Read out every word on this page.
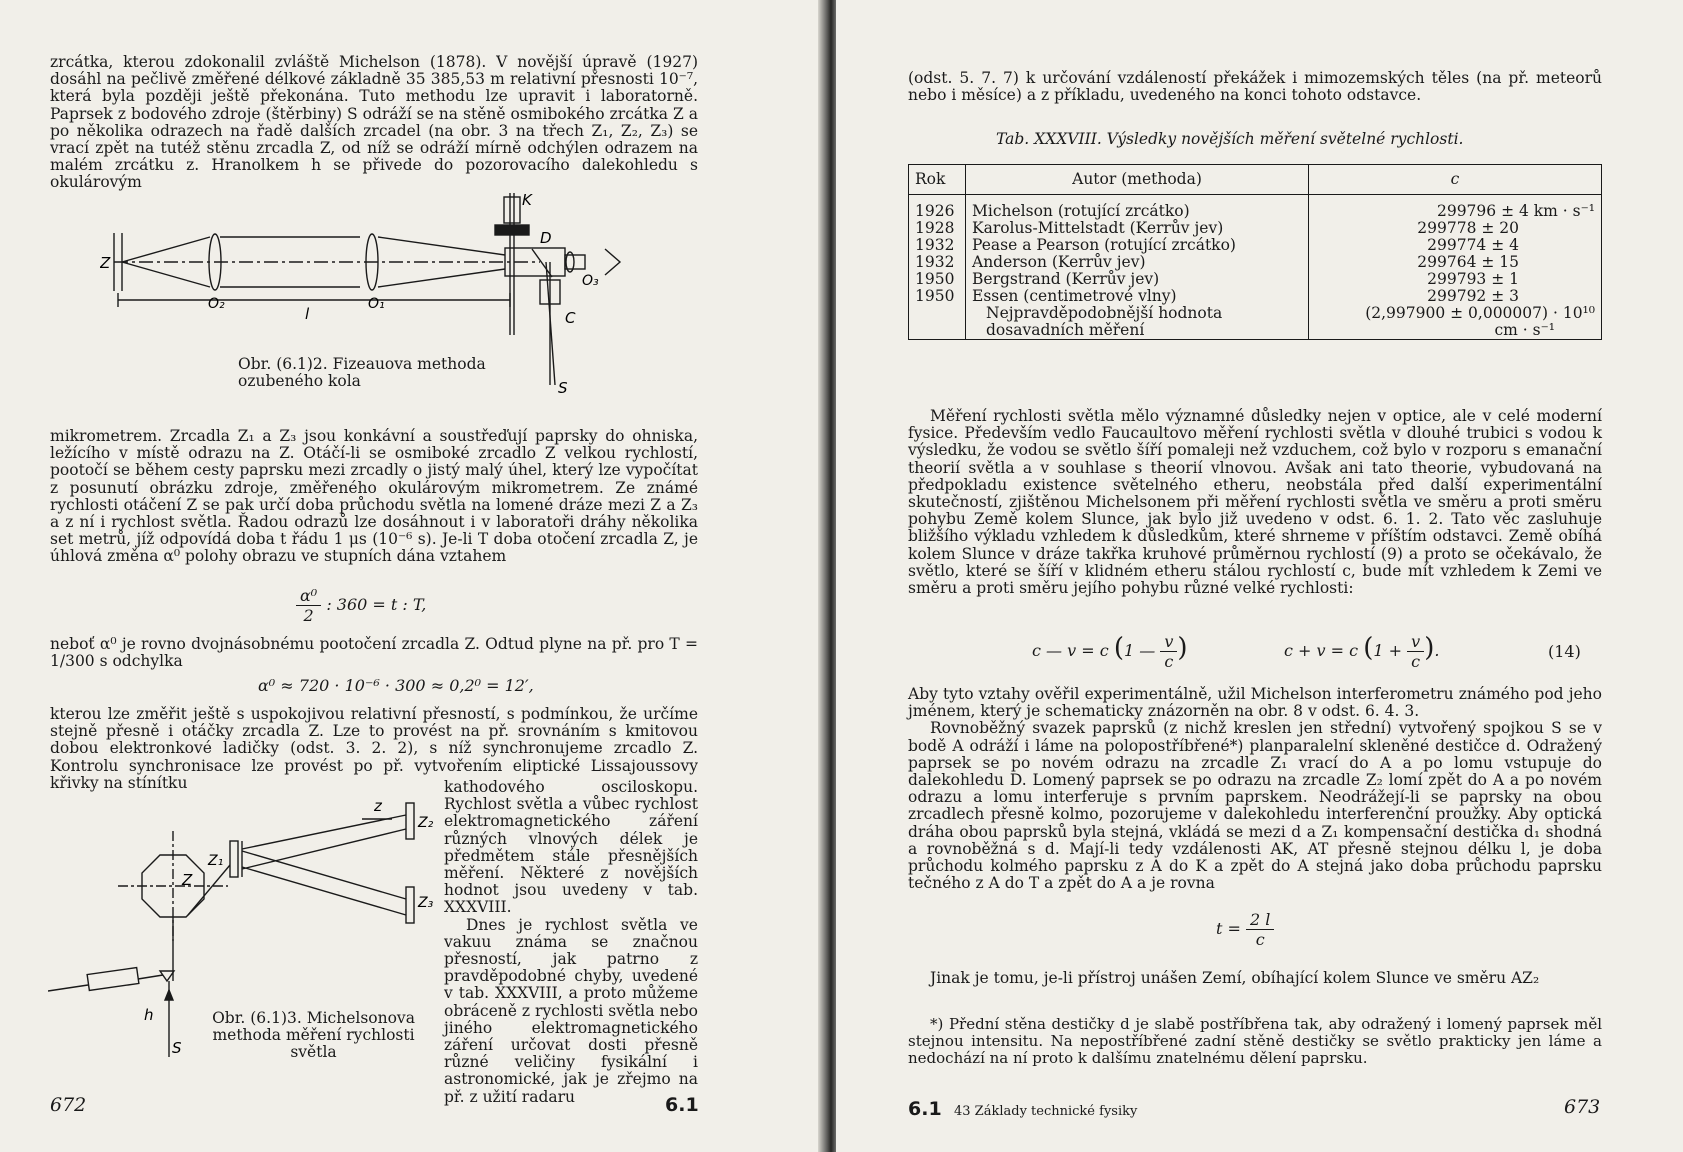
zrcátka, kterou zdokonalil zvláště Michelson (1878). V novější úpravě (1927) dosáhl na pečlivě změřené délkové základně 35 385,53 m relativní přesnosti 10⁻⁷, která byla později ještě překonána. Tuto methodu lze upravit i laboratorně. Paprsek z bodového zdroje (štěrbiny) S odráží se na stěně osmibokého zrcátka Z a po několika odrazech na řadě dalších zrcadel (na obr. 3 na třech Z₁, Z₂, Z₃) se vrací zpět na tutéž stěnu zrcadla Z, od níž se odráží mírně odchýlen odrazem na malém zrcátku z. Hranolkem h se přivede do pozorovacího dalekohledu s okulárovým

Z
O₂
l
O₁
K
D
O₃
C
S
Obr. (6.1)2. Fizeauova methoda ozubeného kola

mikrometrem. Zrcadla Z₁ a Z₃ jsou konkávní a soustřeďují paprsky do ohniska, ležícího v místě odrazu na Z. Otáčí-li se osmiboké zrcadlo Z velkou rychlostí, pootočí se během cesty paprsku mezi zrcadly o jistý malý úhel, který lze vypočítat z posunutí obrázku zdroje, změřeného okulárovým mikrometrem. Ze známé rychlosti otáčení Z se pak určí doba průchodu světla na lomené dráze mezi Z a Z₃ a z ní i rychlost světla. Řadou odrazů lze dosáhnout i v laboratoři dráhy několika set metrů, jíž odpovídá doba t řádu 1 μs (10⁻⁶ s). Je-li T doba otočení zrcadla Z, je úhlová změna α⁰ polohy obrazu ve stupních dána vztahem

$\frac{\text{α⁰}}{2}$ : 360 = t : T,

neboť α⁰ je rovno dvojnásobnému pootočení zrcadla Z. Odtud plyne na př. pro T = 1/300 s odchylka

α⁰ ≈ 720 · 10⁻⁶ · 300 ≈ 0,2⁰ = 12′,

kterou lze změřit ještě s uspokojivou relativní přesností, s podmínkou, že určíme stejně přesně i otáčky zrcadla Z. Lze to provést na př. srovnáním s kmitovou dobou elektronkové ladičky (odst. 3. 2. 2), s níž synchronujeme zrcadlo Z. Kontrolu synchronisace lze provést po př. vytvořením eliptické Lissajoussovy křivky na stínítku

Z
Z₁
Z₂
Z₃
z
h
S
Obr. (6.1)3. Michelsonova methoda měření rychlosti světla

kathodového osciloskopu. Rychlost světla a vůbec rychlost elektromagnetického záření různých vlnových délek je předmětem stále přesnějších měření. Některé z novějších hodnot jsou uvedeny v tab. XXXVIII.

Dnes je rychlost světla ve vakuu známa se značnou přesností, jak patrno z pravděpodobné chyby, uvedené v tab. XXXVIII, a proto můžeme obráceně z rychlosti světla nebo jiného elektromagnetického záření určovat dosti přesně různé veličiny fysikální i astronomické, jak je zřejmo na př. z užití radaru

672	6.1

(odst. 5. 7. 7) k určování vzdáleností překážek i mimozemských těles (na př. meteorů nebo i měsíce) a z příkladu, uvedeného na konci tohoto odstavce.

Tab. XXXVIII. Výsledky novějších měření světelné rychlosti.
Rok	Autor (methoda)	c

1926	Michelson (rotující zrcátko)	299796 ± 4 km · s⁻¹
1928	Karolus-Mittelstadt (Kerrův jev)	299778 ± 20
1932	Pease a Pearson (rotující zrcátko)	299774 ± 4
1932	Anderson (Kerrův jev)	299764 ± 15
1950	Bergstrand (Kerrův jev)	299793 ± 1
1950	Essen (centimetrové vlny)	299792 ± 3
	Nejpravděpodobnější hodnota dosavadních měření	(2,997900 ± 0,000007) · 10¹⁰
cm · s⁻¹

Měření rychlosti světla mělo významné důsledky nejen v optice, ale v celé moderní fysice. Především vedlo Faucaultovo měření rychlosti světla v dlouhé trubici s vodou k výsledku, že vodou se světlo šíří pomaleji než vzduchem, což bylo v rozporu s emanační theorií světla a v souhlase s theorií vlnovou. Avšak ani tato theorie, vybudovaná na předpokladu existence světelného etheru, neobstála před další experimentální skutečností, zjištěnou Michelsonem při měření rychlosti světla ve směru a proti směru pohybu Země kolem Slunce, jak bylo již uvedeno v odst. 6. 1. 2. Tato věc zasluhuje bližšího výkladu vzhledem k důsledkům, které shrneme v příštím odstavci. Země obíhá kolem Slunce v dráze takřka kruhové průměrnou rychlostí (9) a proto se očekávalo, že světlo, které se šíří v klidném etheru stálou rychlostí c, bude mít vzhledem k Zemi ve směru a proti směru jejího pohybu různé velké rychlosti:

c — v = c (1 — $\frac{v}{c}$ )	c + v = c ($1 + \frac{v}{c}$ ).	(14)

Aby tyto vztahy ověřil experimentálně, užil Michelson interferometru známého pod jeho jménem, který je schematicky znázorněn na obr. 8 v odst. 6. 4. 3.

Rovnoběžný svazek paprsků (z nichž kreslen jen střední) vytvořený spojkou S se v bodě A odráží i láme na polopostříbřené*) planparalelní skleněné destičce d. Odražený paprsek se po novém odrazu na zrcadle Z₁ vrací do A a po lomu vstupuje do dalekohledu D. Lomený paprsek se po odrazu na zrcadle Z₂ lomí zpět do A a po novém odrazu a lomu interferuje s prvním paprskem. Neodrážejí-li se paprsky na obou zrcadlech přesně kolmo, pozorujeme v dalekohledu interferenční proužky. Aby optická dráha obou paprsků byla stejná, vkládá se mezi d a Z₁ kompensační destička d₁ shodná a rovnoběžná s d. Mají-li tedy vzdálenosti AK, AT přesně stejnou délku l, je doba průchodu kolmého paprsku z A do K a zpět do A stejná jako doba průchodu paprsku tečného z A do T a zpět do A a je rovna

$t = \frac{2 l}{c}$

Jinak je tomu, je-li přístroj unášen Zemí, obíhající kolem Slunce ve směru AZ₂

*) Přední stěna destičky d je slabě postříbřena tak, aby odražený i lomený paprsek měl stejnou intensitu. Na nepostříbřené zadní stěně destičky se světlo prakticky jen láme a nedochází na ní proto k dalšímu znatelnému dělení paprsku.

6.1 43 Základy technické fysiky	673
